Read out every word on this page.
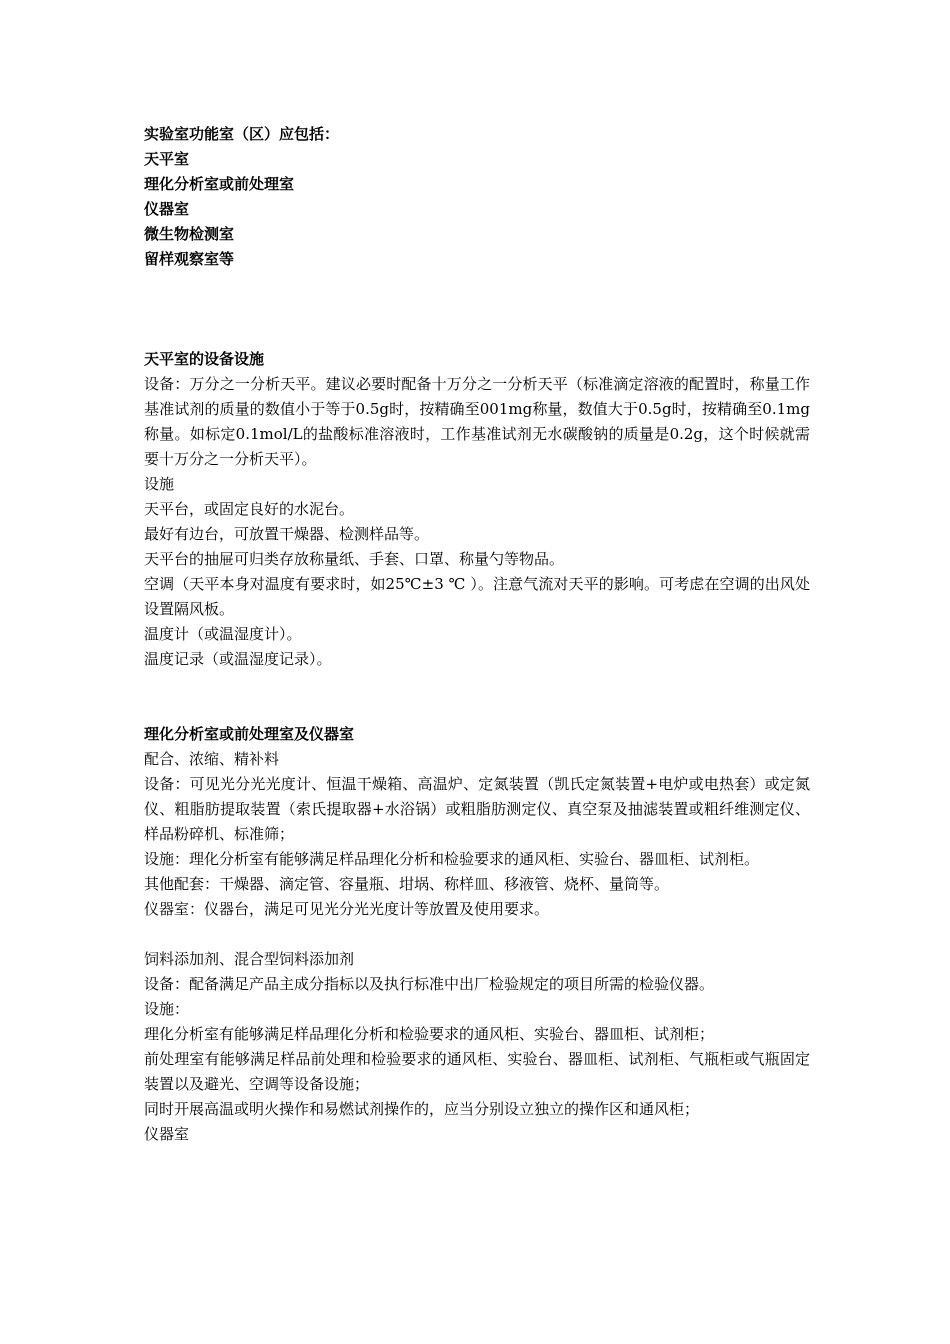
实验室功能室（区）应包括：
天平室
理化分析室或前处理室
仪器室
微生物检测室
留样观察室等
天平室的设备设施
设备：万分之一分析天平。建议必要时配备十万分之一分析天平（标准滴定溶液的配置时，称量工作基准试剂的质量的数值小于等于0.5g时，按精确至001mg称量，数值大于0.5g时，按精确至0.1mg称量。如标定0.1mol/L的盐酸标准溶液时，工作基准试剂无水碳酸钠的质量是0.2g，这个时候就需要十万分之一分析天平）。
设施
天平台，或固定良好的水泥台。
最好有边台，可放置干燥器、检测样品等。
天平台的抽屉可归类存放称量纸、手套、口罩、称量勺等物品。
空调（天平本身对温度有要求时，如25℃±3 ℃ ）。注意气流对天平的影响。可考虑在空调的出风处设置隔风板。
温度计（或温湿度计）。
温度记录（或温湿度记录）。
理化分析室或前处理室及仪器室
配合、浓缩、精补料
设备：可见光分光光度计、恒温干燥箱、高温炉、定氮装置（凯氏定氮装置+电炉或电热套）或定氮仪、粗脂肪提取装置（索氏提取器+水浴锅）或粗脂肪测定仪、真空泵及抽滤装置或粗纤维测定仪、样品粉碎机、标准筛；
设施：理化分析室有能够满足样品理化分析和检验要求的通风柜、实验台、器皿柜、试剂柜。
其他配套：干燥器、滴定管、容量瓶、坩埚、称样皿、移液管、烧杯、量筒等。
仪器室：仪器台，满足可见光分光光度计等放置及使用要求。
饲料添加剂、混合型饲料添加剂
设备：配备满足产品主成分指标以及执行标准中出厂检验规定的项目所需的检验仪器。
设施：
理化分析室有能够满足样品理化分析和检验要求的通风柜、实验台、器皿柜、试剂柜；
前处理室有能够满足样品前处理和检验要求的通风柜、实验台、器皿柜、试剂柜、气瓶柜或气瓶固定装置以及避光、空调等设备设施；
同时开展高温或明火操作和易燃试剂操作的，应当分别设立独立的操作区和通风柜；
仪器室
